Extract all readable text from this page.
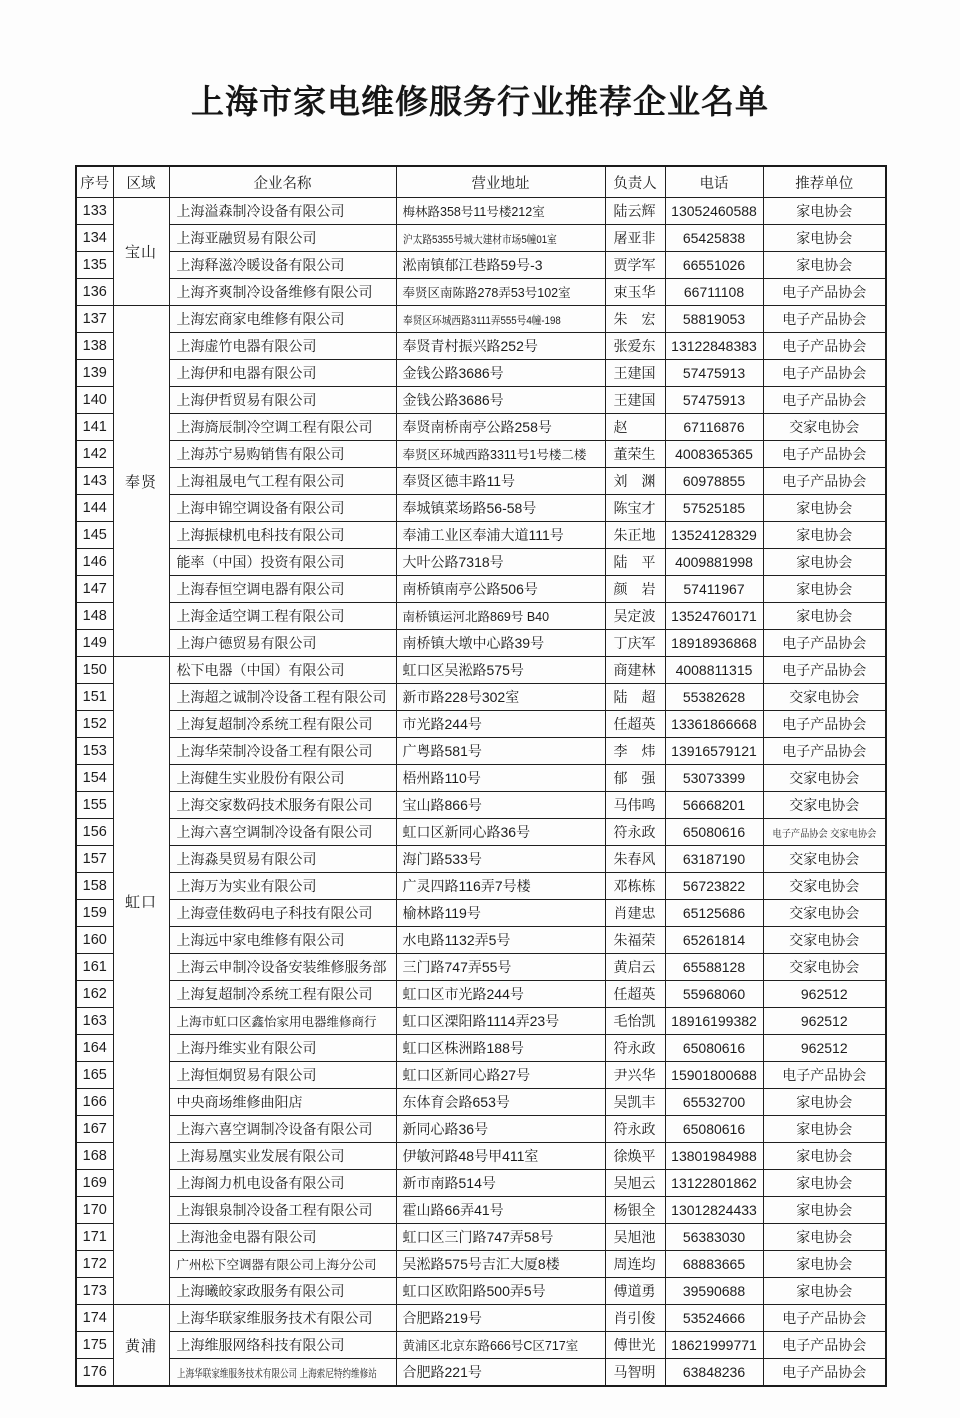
上海市家电维修服务行业推荐企业名单
序号	区域	企业名称	营业地址	负责人	电话	推荐单位
133	宝山	上海溢森制冷设备有限公司	梅林路358号11号楼212室	陆云辉	13052460588	家电协会
134		上海亚融贸易有限公司	沪太路5355号城大建材市场5幢01室	屠亚非	65425838	家电协会
135		上海释滋冷暖设备有限公司	淞南镇郁江巷路59号-3	贾学军	66551026	家电协会
136		上海齐爽制冷设备维修有限公司	奉贤区南陈路278弄53号102室	束玉华	66711108	电子产品协会
137	奉贤	上海宏商家电维修有限公司	奉贤区环城西路3111弄555号4幢-198	朱　宏	58819053	电子产品协会
138		上海虚竹电器有限公司	奉贤青村振兴路252号	张爱东	13122848383	电子产品协会
139		上海伊和电器有限公司	金钱公路3686号	王建国	57475913	电子产品协会
140		上海伊哲贸易有限公司	金钱公路3686号	王建国	57475913	电子产品协会
141		上海旖辰制冷空调工程有限公司	奉贤南桥南亭公路258号	赵	67116876	交家电协会
142		上海苏宁易购销售有限公司	奉贤区环城西路3311号1号楼二楼	董荣生	4008365365	电子产品协会
143		上海祖晟电气工程有限公司	奉贤区德丰路11号	刘　渊	60978855	电子产品协会
144		上海申锦空调设备有限公司	奉城镇菜场路56-58号	陈宝才	57525185	家电协会
145		上海振棣机电科技有限公司	奉浦工业区奉浦大道111号	朱正地	13524128329	家电协会
146		能率（中国）投资有限公司	大叶公路7318号	陆　平	4009881998	家电协会
147		上海春恒空调电器有限公司	南桥镇南亭公路506号	颜　岩	57411967	家电协会
148		上海金适空调工程有限公司	南桥镇运河北路869号 B40	吴定波	13524760171	家电协会
149		上海户德贸易有限公司	南桥镇大墩中心路39号	丁庆军	18918936868	电子产品协会
150	虹口	松下电器（中国）有限公司	虹口区吴淞路575号	商建林	4008811315	电子产品协会
151		上海超之诚制冷设备工程有限公司	新市路228号302室	陆　超	55382628	交家电协会
152		上海复超制冷系统工程有限公司	市光路244号	任超英	13361866668	电子产品协会
153		上海华荣制冷设备工程有限公司	广粤路581号	李　炜	13916579121	电子产品协会
154		上海健生实业股份有限公司	梧州路110号	郁　强	53073399	交家电协会
155		上海交家数码技术服务有限公司	宝山路866号	马伟鸣	56668201	交家电协会
156		上海六喜空调制冷设备有限公司	虹口区新同心路36号	符永政	65080616	电子产品协会 交家电协会
157		上海淼昊贸易有限公司	海门路533号	朱春风	63187190	交家电协会
158		上海万为实业有限公司	广灵四路116弄7号楼	邓栋栋	56723822	交家电协会
159		上海壹佳数码电子科技有限公司	榆林路119号	肖建忠	65125686	交家电协会
160		上海远中家电维修有限公司	水电路1132弄5号	朱福荣	65261814	交家电协会
161		上海云申制冷设备安装维修服务部	三门路747弄55号	黄启云	65588128	交家电协会
162		上海复超制冷系统工程有限公司	虹口区市光路244号	任超英	55968060	962512
163		上海市虹口区鑫怡家用电器维修商行	虹口区溧阳路1114弄23号	毛怡凯	18916199382	962512
164		上海丹维实业有限公司	虹口区株洲路188号	符永政	65080616	962512
165		上海恒炯贸易有限公司	虹口区新同心路27号	尹兴华	15901800688	电子产品协会
166		中央商场维修曲阳店	东体育会路653号	吴凯丰	65532700	家电协会
167		上海六喜空调制冷设备有限公司	新同心路36号	符永政	65080616	家电协会
168		上海易凰实业发展有限公司	伊敏河路48号甲411室	徐焕平	13801984988	家电协会
169		上海阁力机电设备有限公司	新市南路514号	吴旭云	13122801862	家电协会
170		上海银泉制冷设备工程有限公司	霍山路66弄41号	杨银全	13012824433	家电协会
171		上海池金电器有限公司	虹口区三门路747弄58号	吴旭池	56383030	家电协会
172		广州松下空调器有限公司上海分公司	吴淞路575号吉汇大厦8楼	周连均	68883665	家电协会
173		上海曦皎家政服务有限公司	虹口区欧阳路500弄5号	傅道勇	39590688	家电协会
174	黄浦	上海华联家维服务技术有限公司	合肥路219号	肖引俊	53524666	电子产品协会
175		上海维服网络科技有限公司	黄浦区北京东路666号C区717室	傅世光	18621999771	电子产品协会
176		上海华联家维服务技术有限公司 上海索尼特约维修站	合肥路221号	马智明	63848236	电子产品协会
